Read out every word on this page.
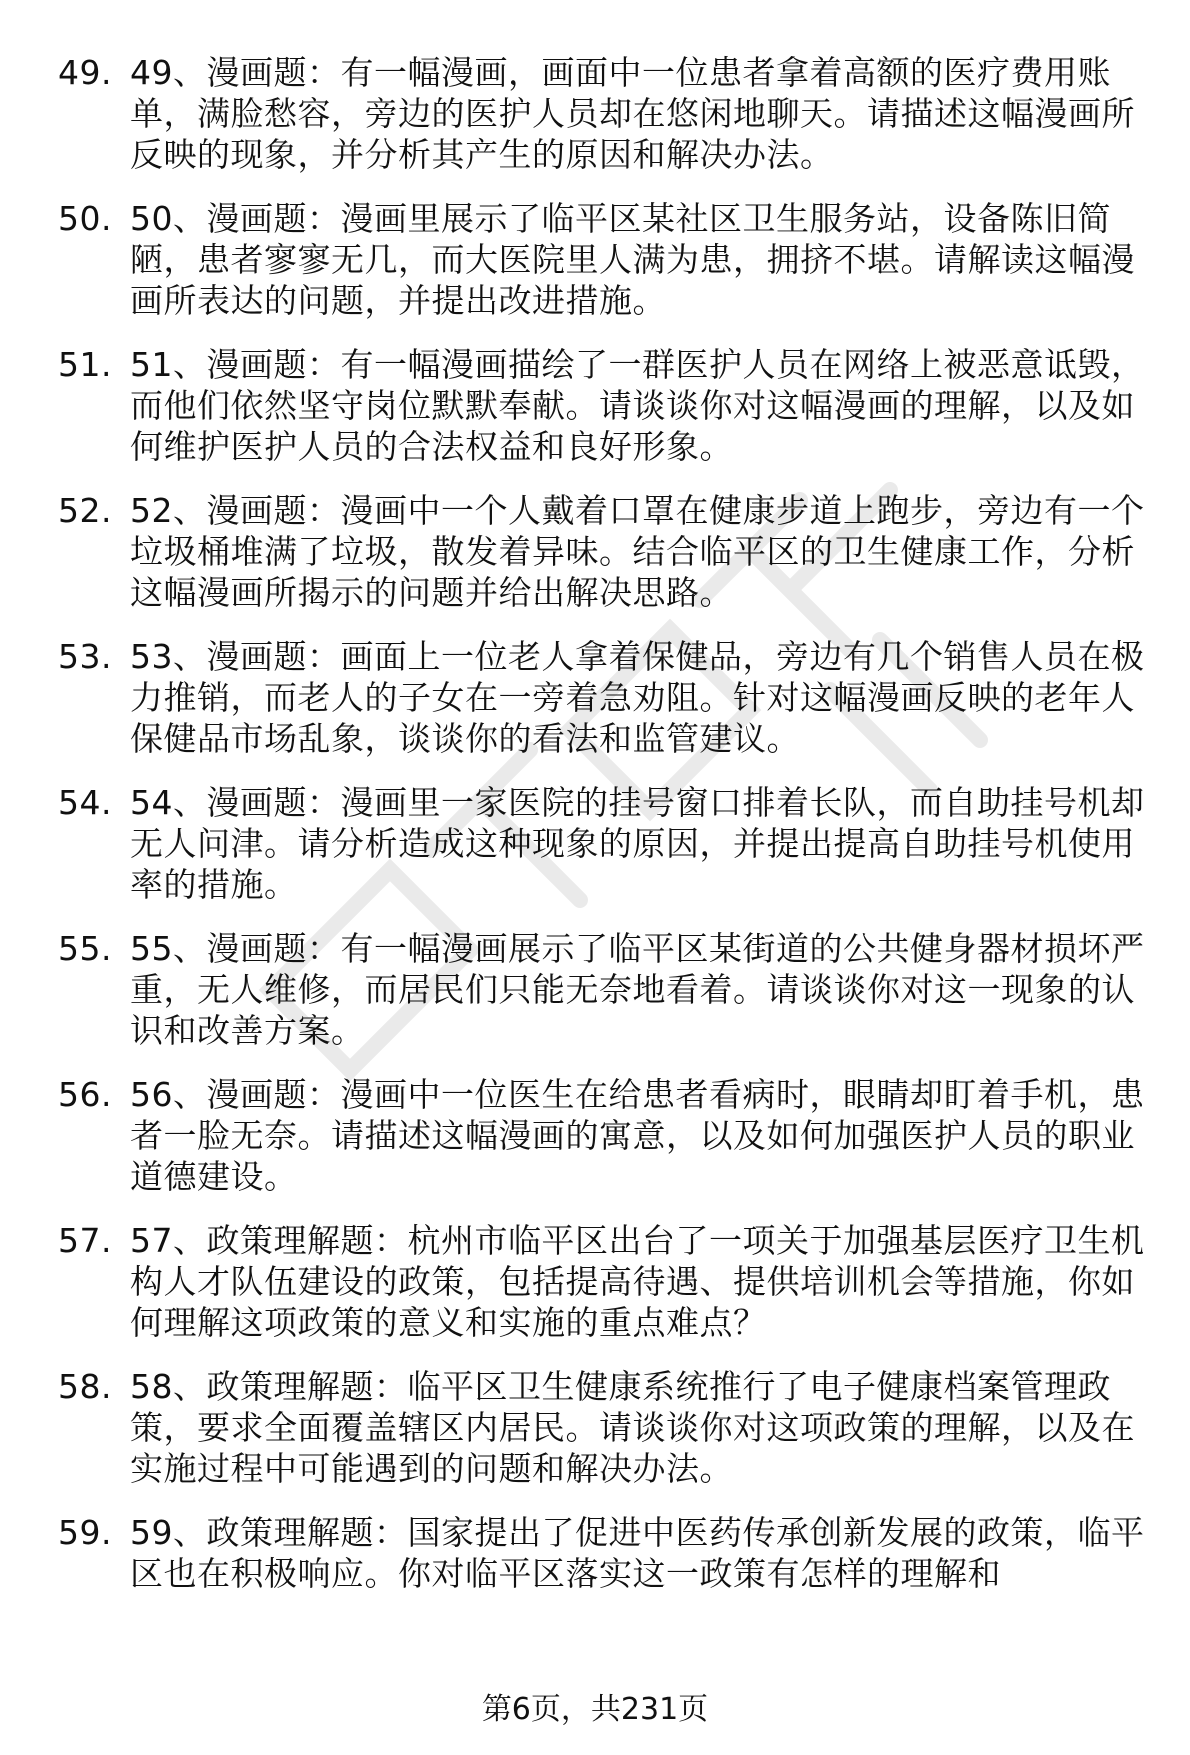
49. 49、漫画题：有一幅漫画，画面中一位患者拿着高额的医疗费用账单，满脸愁容，旁边的医护人员却在悠闲地聊天。请描述这幅漫画所反映的现象，并分析其产生的原因和解决办法。
50. 50、漫画题：漫画里展示了临平区某社区卫生服务站，设备陈旧简陋，患者寥寥无几，而大医院里人满为患，拥挤不堪。请解读这幅漫画所表达的问题，并提出改进措施。
51. 51、漫画题：有一幅漫画描绘了一群医护人员在网络上被恶意诋毁，而他们依然坚守岗位默默奉献。请谈谈你对这幅漫画的理解，以及如何维护医护人员的合法权益和良好形象。
52. 52、漫画题：漫画中一个人戴着口罩在健康步道上跑步，旁边有一个垃圾桶堆满了垃圾，散发着异味。结合临平区的卫生健康工作，分析这幅漫画所揭示的问题并给出解决思路。
53. 53、漫画题：画面上一位老人拿着保健品，旁边有几个销售人员在极力推销，而老人的子女在一旁着急劝阻。针对这幅漫画反映的老年人保健品市场乱象，谈谈你的看法和监管建议。
54. 54、漫画题：漫画里一家医院的挂号窗口排着长队，而自助挂号机却无人问津。请分析造成这种现象的原因，并提出提高自助挂号机使用率的措施。
55. 55、漫画题：有一幅漫画展示了临平区某街道的公共健身器材损坏严重，无人维修，而居民们只能无奈地看着。请谈谈你对这一现象的认识和改善方案。
56. 56、漫画题：漫画中一位医生在给患者看病时，眼睛却盯着手机，患者一脸无奈。请描述这幅漫画的寓意，以及如何加强医护人员的职业道德建设。
57. 57、政策理解题：杭州市临平区出台了一项关于加强基层医疗卫生机构人才队伍建设的政策，包括提高待遇、提供培训机会等措施，你如何理解这项政策的意义和实施的重点难点？
58. 58、政策理解题：临平区卫生健康系统推行了电子健康档案管理政策，要求全面覆盖辖区内居民。请谈谈你对这项政策的理解，以及在实施过程中可能遇到的问题和解决办法。
59. 59、政策理解题：国家提出了促进中医药传承创新发展的政策，临平区也在积极响应。你对临平区落实这一政策有怎样的理解和
第6页，共231页
